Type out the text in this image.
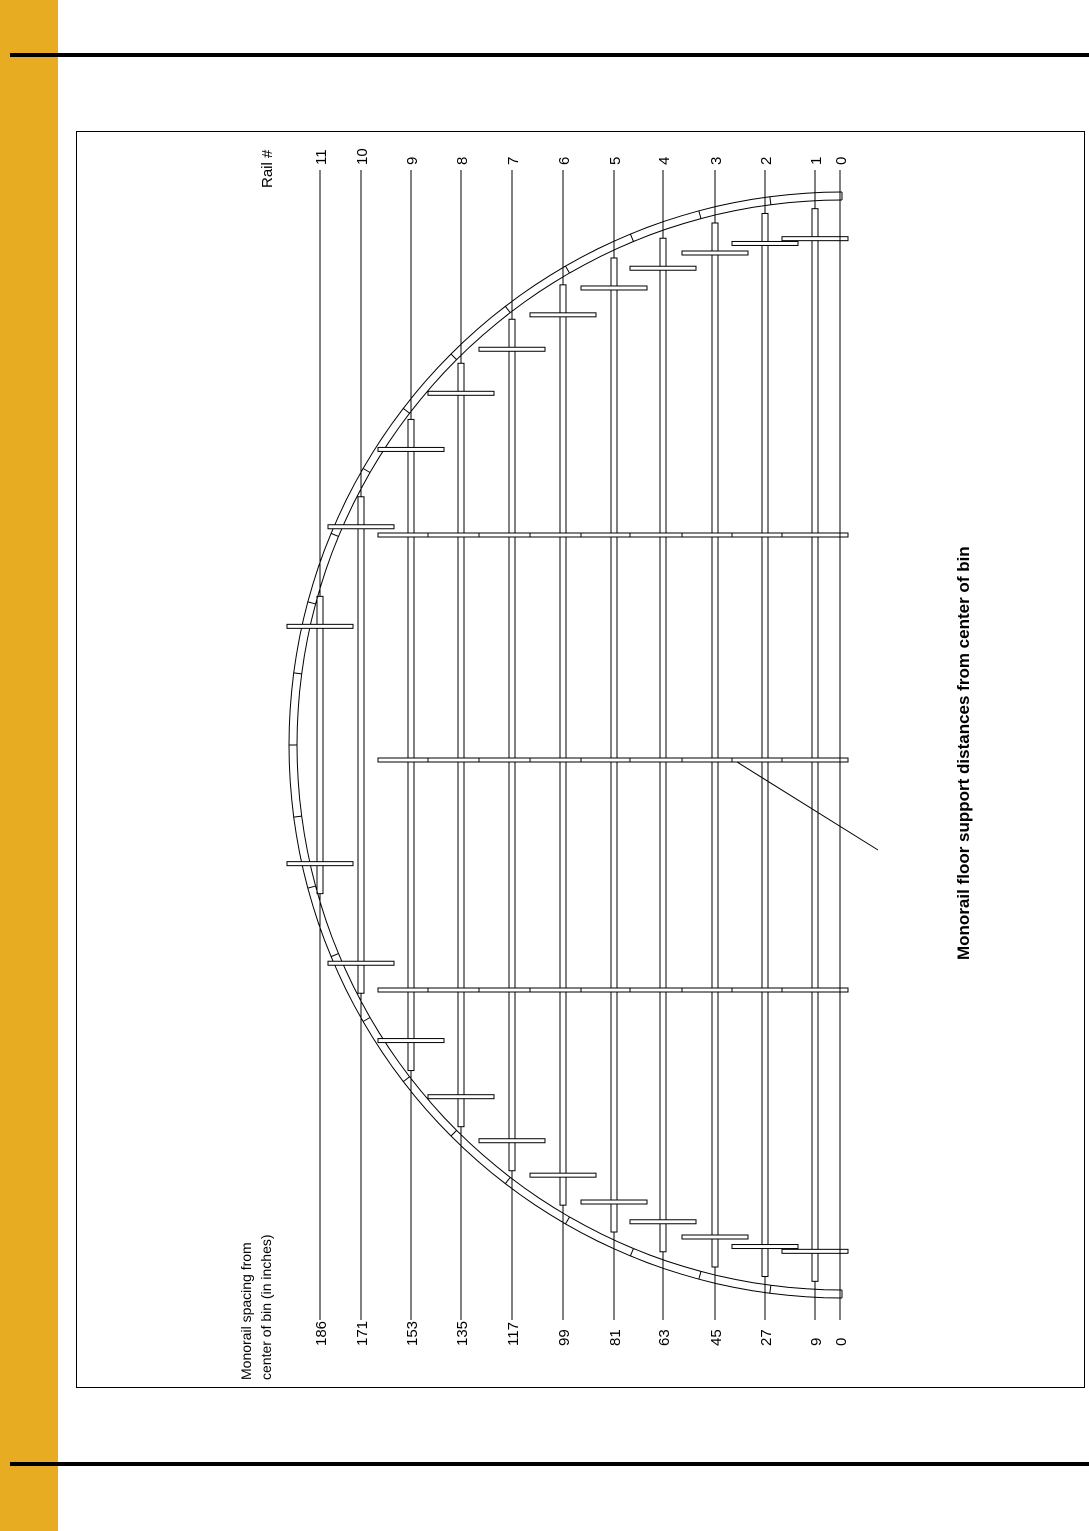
11
186
10
171
9
153
8
135
7
117
6
99
5
81
4
63
3
45
2
27
1
9
0
0
Rail #
Monorail spacing from center of bin (in inches)
Monorail floor support distances from center of bin
